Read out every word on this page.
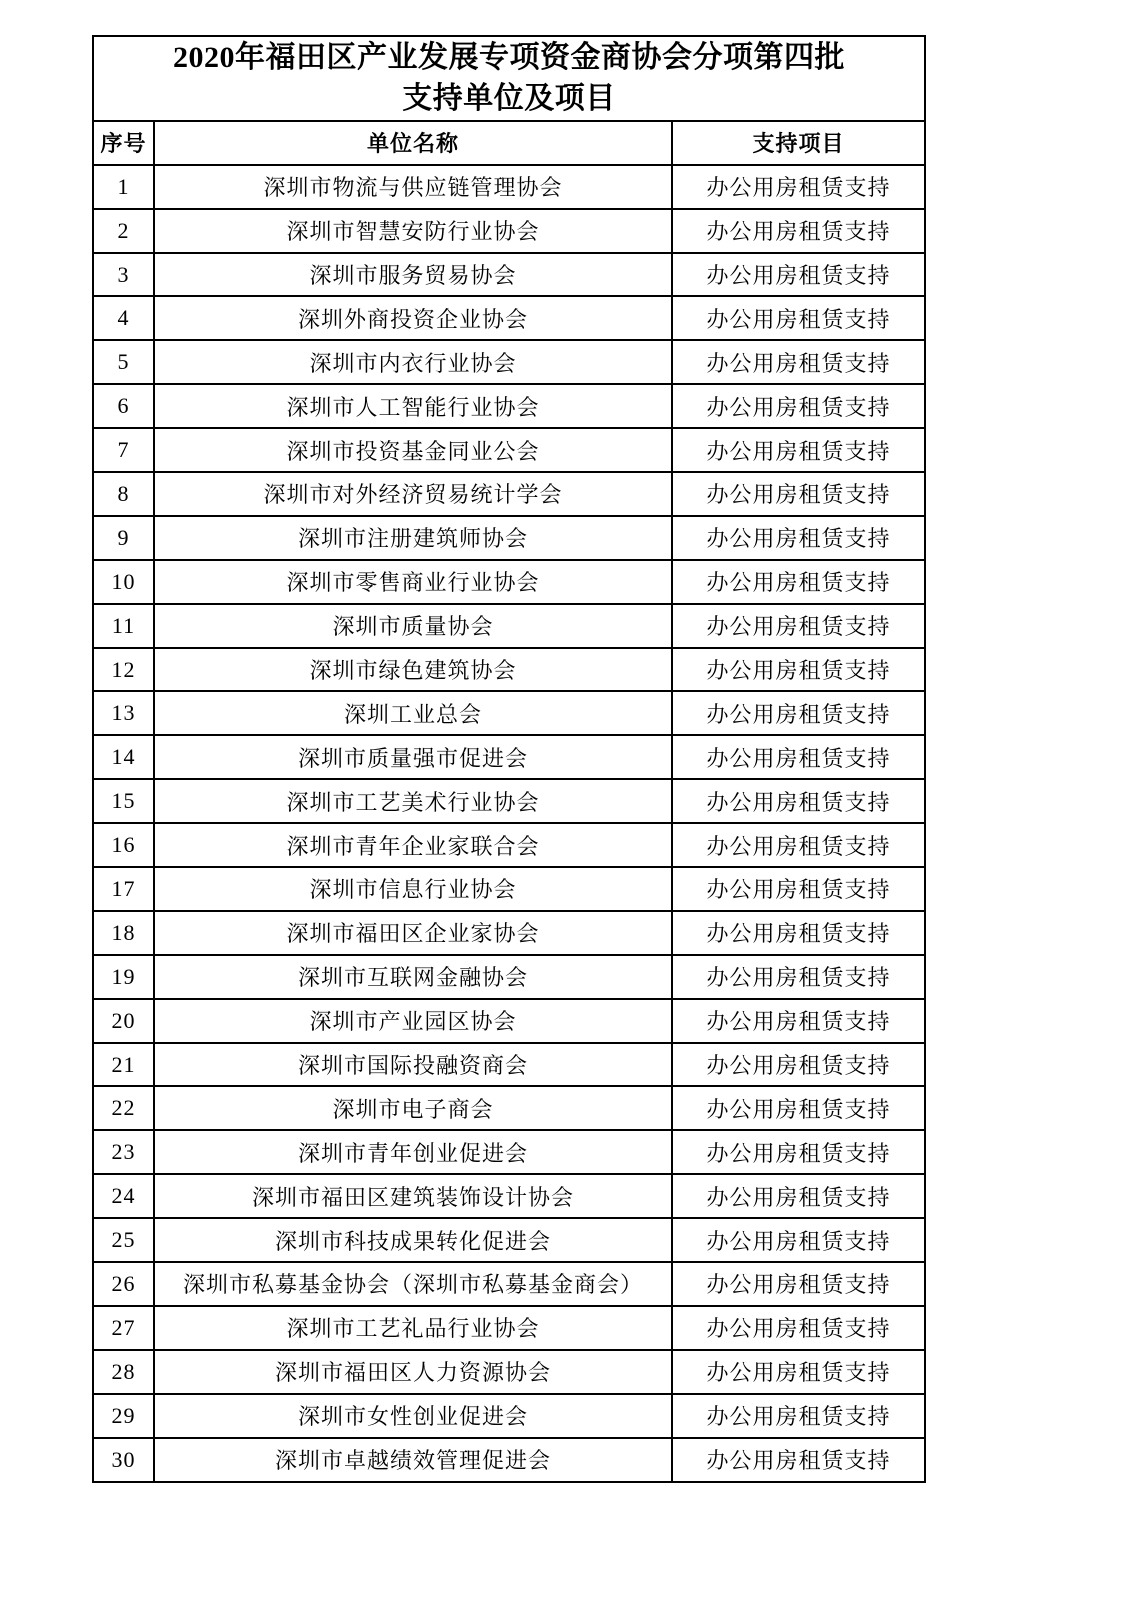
2020年福田区产业发展专项资金商协会分项第四批
支持单位及项目		

序号	单位名称	支持项目
1	深圳市物流与供应链管理协会	办公用房租赁支持
2	深圳市智慧安防行业协会	办公用房租赁支持
3	深圳市服务贸易协会	办公用房租赁支持
4	深圳外商投资企业协会	办公用房租赁支持
5	深圳市内衣行业协会	办公用房租赁支持
6	深圳市人工智能行业协会	办公用房租赁支持
7	深圳市投资基金同业公会	办公用房租赁支持
8	深圳市对外经济贸易统计学会	办公用房租赁支持
9	深圳市注册建筑师协会	办公用房租赁支持
10	深圳市零售商业行业协会	办公用房租赁支持
11	深圳市质量协会	办公用房租赁支持
12	深圳市绿色建筑协会	办公用房租赁支持
13	深圳工业总会	办公用房租赁支持
14	深圳市质量强市促进会	办公用房租赁支持
15	深圳市工艺美术行业协会	办公用房租赁支持
16	深圳市青年企业家联合会	办公用房租赁支持
17	深圳市信息行业协会	办公用房租赁支持
18	深圳市福田区企业家协会	办公用房租赁支持
19	深圳市互联网金融协会	办公用房租赁支持
20	深圳市产业园区协会	办公用房租赁支持
21	深圳市国际投融资商会	办公用房租赁支持
22	深圳市电子商会	办公用房租赁支持
23	深圳市青年创业促进会	办公用房租赁支持
24	深圳市福田区建筑装饰设计协会	办公用房租赁支持
25	深圳市科技成果转化促进会	办公用房租赁支持
26	深圳市私募基金协会（深圳市私募基金商会）	办公用房租赁支持
27	深圳市工艺礼品行业协会	办公用房租赁支持
28	深圳市福田区人力资源协会	办公用房租赁支持
29	深圳市女性创业促进会	办公用房租赁支持
30	深圳市卓越绩效管理促进会	办公用房租赁支持
